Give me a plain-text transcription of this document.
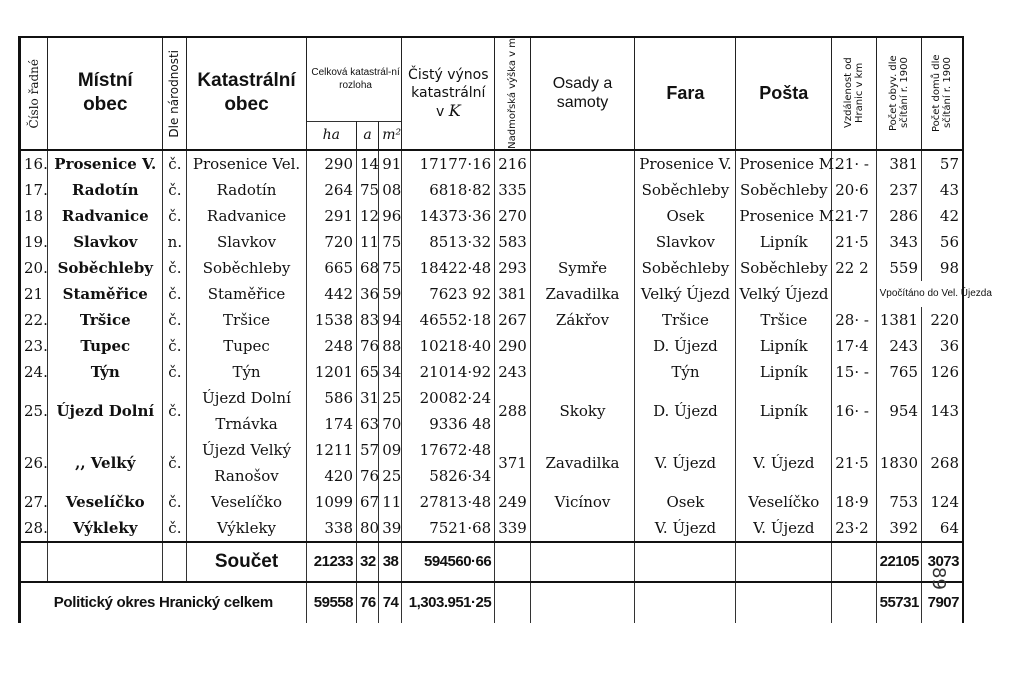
Číslo řadné	Místní obec	Dle národnosti	Katastrální obec	Celková katastrál-ní rozloha			Čistý výnos
katastrální
v K	Nadmořská výška v m	Osady a samoty	Fara	Pošta	Vzdálenost od Hranic v km	Počet obyv. dle sčítání r. 1900	Počet domů dle sčítání r. 1900

				ha	a	m²								
16.	Prosenice V.	č.	Prosenice Vel.	290	14	91	17177·16	216		Prosenice V.	Prosenice M.	21· -	381	57
17.	Radotín	č.	Radotín	264	75	08	6818·82	335		Soběchleby	Soběchleby	20·6	237	43
18	Radvanice	č.	Radvanice	291	12	96	14373·36	270		Osek	Prosenice M.	21·7	286	42
19.	Slavkov	n.	Slavkov	720	11	75	8513·32	583		Slavkov	Lipník	21·5	343	56
20.	Soběchleby	č.	Soběchleby	665	68	75	18422·48	293	Symře	Soběchleby	Soběchleby	22 2	559	98
21	Staměřice	č.	Staměřice	442	36	59	7623 92	381	Zavadilka	Velký Újezd	Velký Újezd		Vpočítáno do Vel. Újezda	
22.	Tršice	č.	Tršice	1538	83	94	46552·18	267	Zákřov	Tršice	Tršice	28· -	1381	220
23.	Tupec	č.	Tupec	248	76	88	10218·40	290		D. Újezd	Lipník	17·4	243	36
24.	Týn	č.	Týn	1201	65	34	21014·92	243		Týn	Lipník	15· -	765	126
25.	Újezd Dolní	č.	Újezd Dolní	586	31	25	20082·24	288	Skoky	D. Újezd	Lipník	16· -	954	143
			Trnávka	174	63	70	9336 48							
26.	,, Velký	č.	Újezd Velký	1211	57	09	17672·48	371	Zavadilka	V. Újezd	V. Újezd	21·5	1830	268
			Ranošov	420	76	25	5826·34							
27.	Veselíčko	č.	Veselíčko	1099	67	11	27813·48	249	Vicínov	Osek	Veselíčko	18·9	753	124
28.	Výkleky	č.	Výkleky	338	80	39	7521·68	339		V. Újezd	V. Újezd	23·2	392	64
			Součet	21233	32	38	594560·66						22105	3073
Politický okres Hranický celkem				59558	76	74	1,303.951·25						55731	7907
89
